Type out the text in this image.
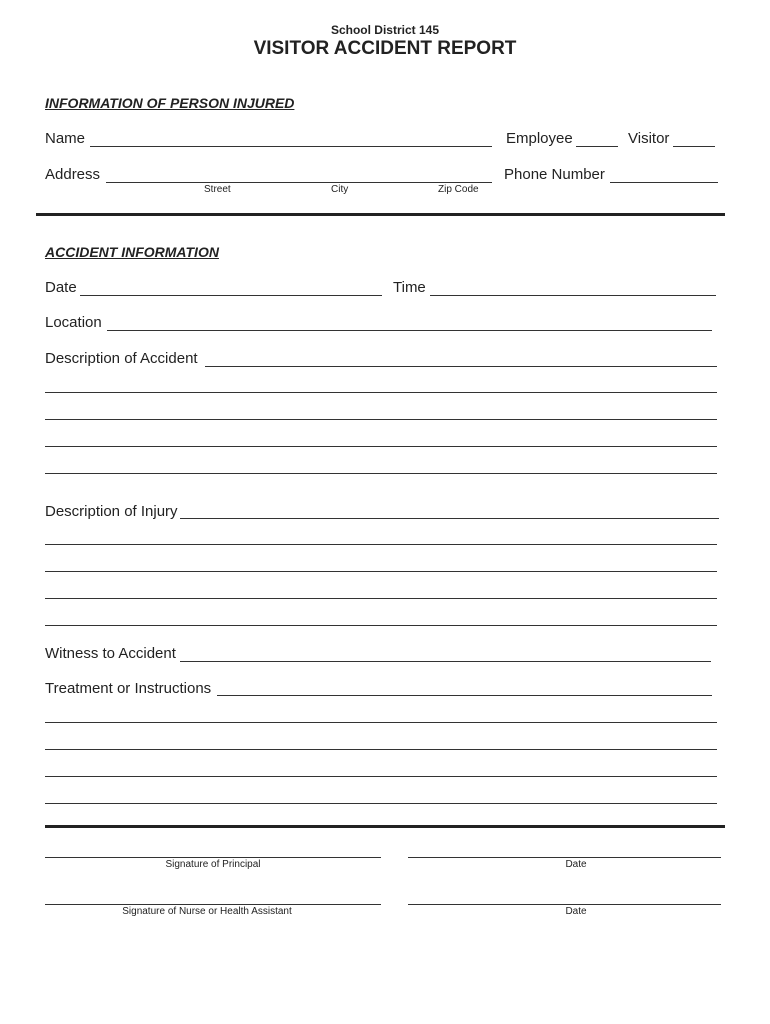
School District 145
VISITOR ACCIDENT REPORT
INFORMATION OF PERSON INJURED
Name	Employee	Visitor
Address
Street	City	Zip Code
Phone Number
ACCIDENT INFORMATION
Date	Time
Location
Description of Accident
Description of Injury
Witness to Accident
Treatment or Instructions
Signature of Principal	Date
Signature of Nurse or Health Assistant	Date
